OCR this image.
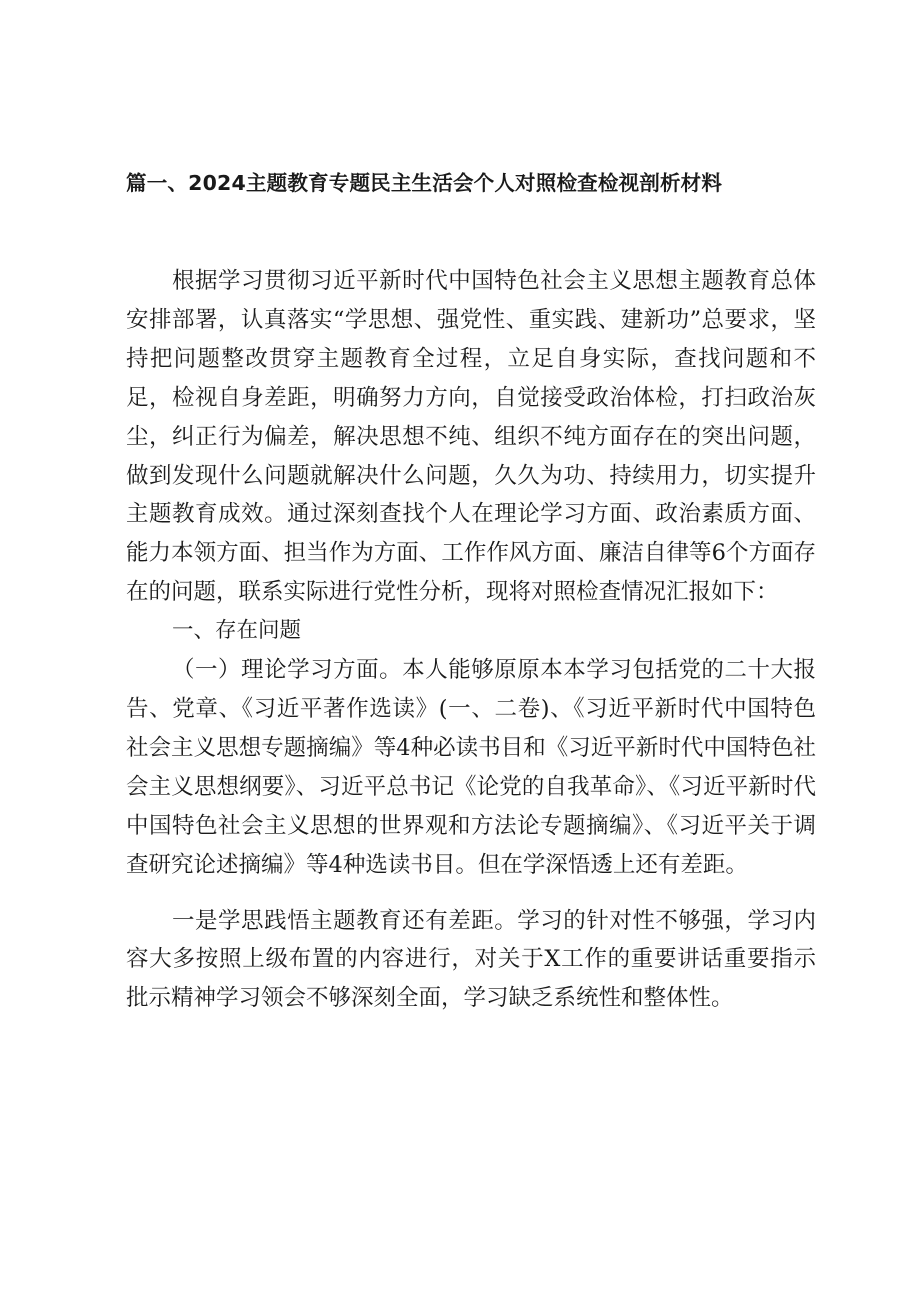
篇一、2024主题教育专题民主生活会个人对照检查检视剖析材料

根据学习贯彻习近平新时代中国特色社会主义思想主题教育总体安排部署，认真落实“学思想、强党性、重实践、建新功”总要求，坚持把问题整改贯穿主题教育全过程，立足自身实际，查找问题和不足，检视自身差距，明确努力方向，自觉接受政治体检，打扫政治灰尘，纠正行为偏差，解决思想不纯、组织不纯方面存在的突出问题，做到发现什么问题就解决什么问题，久久为功、持续用力，切实提升主题教育成效。通过深刻查找个人在理论学习方面、政治素质方面、能力本领方面、担当作为方面、工作作风方面、廉洁自律等6个方面存在的问题，联系实际进行党性分析，现将对照检查情况汇报如下：

一、存在问题

（一）理论学习方面。本人能够原原本本学习包括党的二十大报告、党章、《习近平著作选读》(一、二卷)、《习近平新时代中国特色社会主义思想专题摘编》等4种必读书目和《习近平新时代中国特色社会主义思想纲要》、习近平总书记《论党的自我革命》、《习近平新时代中国特色社会主义思想的世界观和方法论专题摘编》、《习近平关于调查研究论述摘编》等4种选读书目。但在学深悟透上还有差距。

一是学思践悟主题教育还有差距。学习的针对性不够强，学习内容大多按照上级布置的内容进行，对关于X工作的重要讲话重要指示批示精神学习领会不够深刻全面，学习缺乏系统性和整体性。
